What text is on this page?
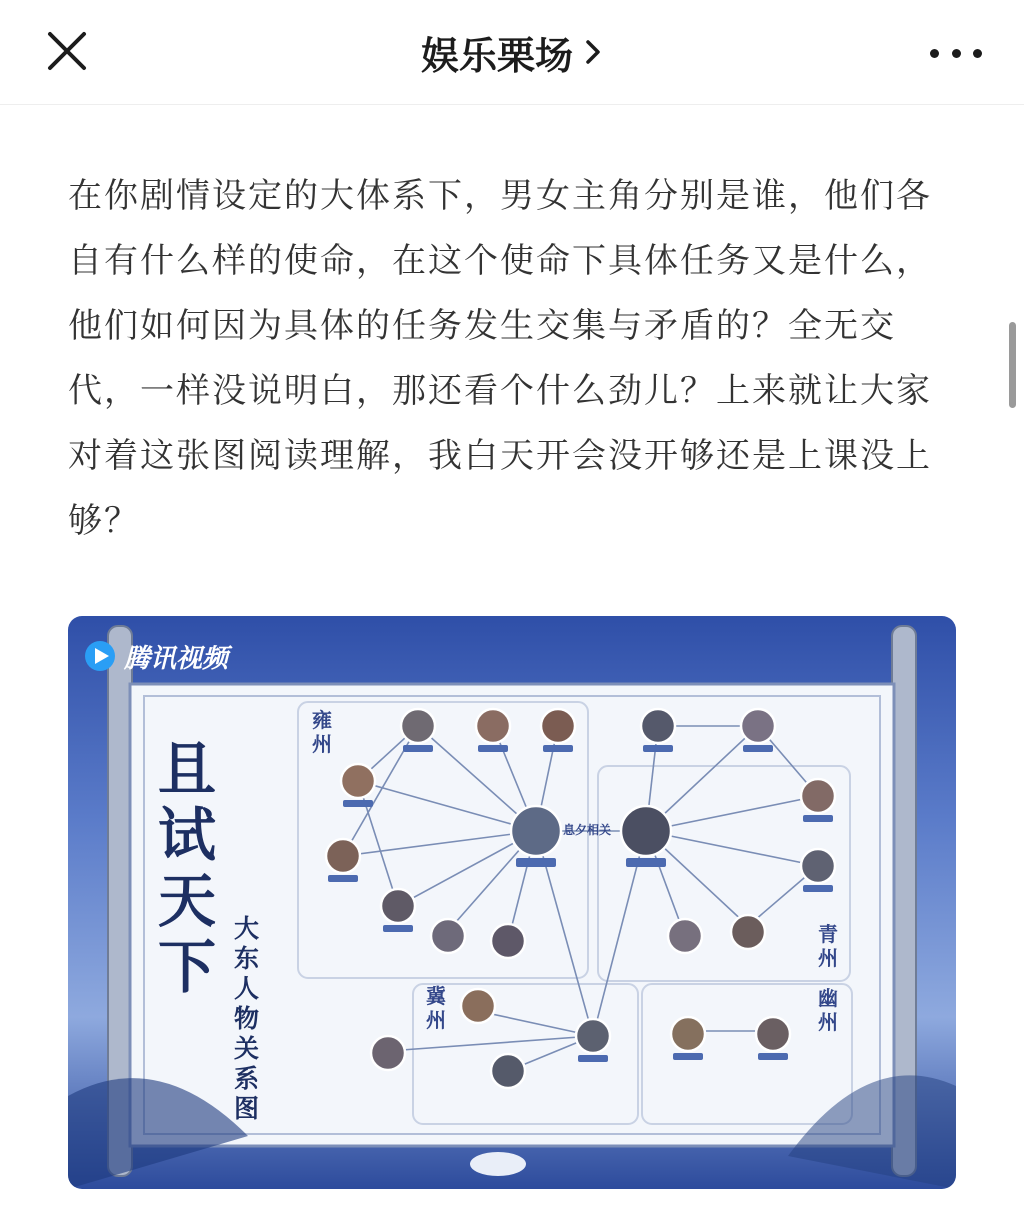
娱乐栗场
在你剧情设定的大体系下，男女主角分别是谁，他们各自有什么样的使命，在这个使命下具体任务又是什么，他们如何因为具体的任务发生交集与矛盾的？全无交代，一样没说明白，那还看个什么劲儿？上来就让大家对着这张图阅读理解，我白天开会没开够还是上课没上够？
腾讯视频
且试天下
大东人物关系图
雍州
冀州
青州
幽州
息夕相关
